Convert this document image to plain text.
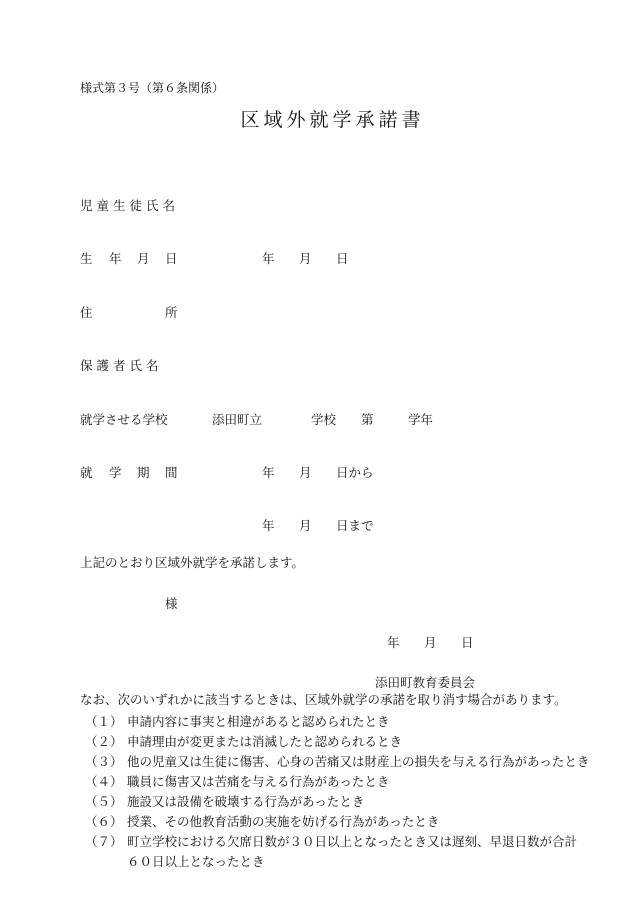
様式第３号（第６条関係）
区域外就学承諾書
児童生徒氏名
生 年 月 日	年 月 日
住	所
保護者氏名
就学させる学校	添田町立	学校 第	学年
就 学 期 間	年 月 日から
年 月 日まで
上記のとおり区域外就学を承諾します。
様
年 月 日
添田町教育委員会
なお、次のいずれかに該当するときは、区域外就学の承諾を取り消す場合があります。
（１） 申請内容に事実と相違があると認められたとき
（２） 申請理由が変更または消滅したと認められるとき
（３） 他の児童又は生徒に傷害、心身の苦痛又は財産上の損失を与える行為があったとき
（４） 職員に傷害又は苦痛を与える行為があったとき
（５） 施設又は設備を破壊する行為があったとき
（６） 授業、その他教育活動の実施を妨げる行為があったとき
（７） 町立学校における欠席日数が３０日以上となったとき又は遅刻、早退日数が合計
６０日以上となったとき
